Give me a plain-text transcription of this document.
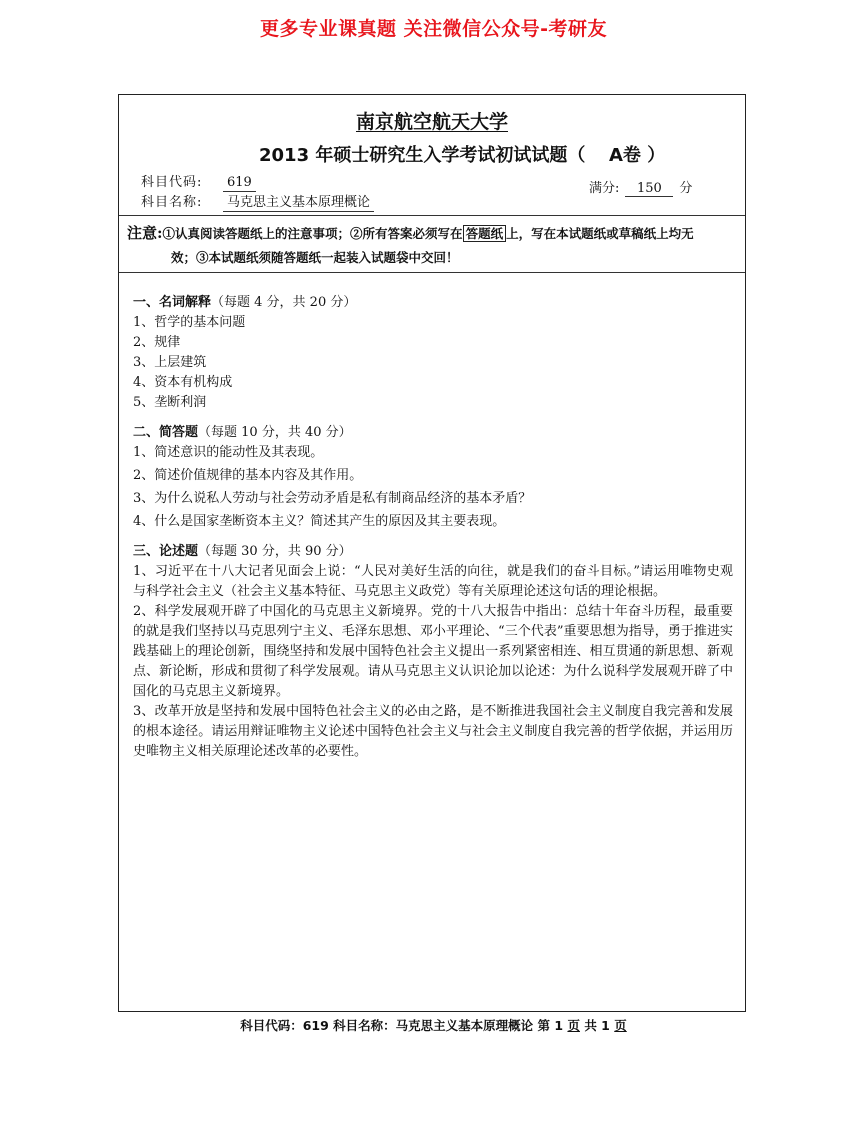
更多专业课真题 关注微信公众号-考研友
南京航空航天大学
2013 年硕士研究生入学考试初试试题（ A卷 ）
科目代码: 619
科目名称: 马克思主义基本原理概论
满分: 150 分
注意:①认真阅读答题纸上的注意事项；②所有答案必须写在 答题纸 上，写在本试题纸或草稿纸上均无
效；③本试题纸须随答题纸一起装入试题袋中交回！
一、名词解释（每题 4 分，共 20 分）

1、哲学的基本问题

2、规律

3、上层建筑

4、资本有机构成

5、垄断利润

二、简答题（每题 10 分，共 40 分）

1、简述意识的能动性及其表现。

2、简述价值规律的基本内容及其作用。

3、为什么说私人劳动与社会劳动矛盾是私有制商品经济的基本矛盾？

4、什么是国家垄断资本主义？简述其产生的原因及其主要表现。

三、论述题（每题 30 分，共 90 分）

1、习近平在十八大记者见面会上说：“人民对美好生活的向往，就是我们的奋斗目标。”请运用唯物史观与科学社会主义（社会主义基本特征、马克思主义政党）等有关原理论述这句话的理论根据。

2、科学发展观开辟了中国化的马克思主义新境界。党的十八大报告中指出：总结十年奋斗历程，最重要的就是我们坚持以马克思列宁主义、毛泽东思想、邓小平理论、“三个代表”重要思想为指导，勇于推进实践基础上的理论创新，围绕坚持和发展中国特色社会主义提出一系列紧密相连、相互贯通的新思想、新观点、新论断，形成和贯彻了科学发展观。请从马克思主义认识论加以论述：为什么说科学发展观开辟了中国化的马克思主义新境界。

3、改革开放是坚持和发展中国特色社会主义的必由之路，是不断推进我国社会主义制度自我完善和发展的根本途径。请运用辩证唯物主义论述中国特色社会主义与社会主义制度自我完善的哲学依据，并运用历史唯物主义相关原理论述改革的必要性。

科目代码：619 科目名称：马克思主义基本原理概论 第 1 页 共 1 页
